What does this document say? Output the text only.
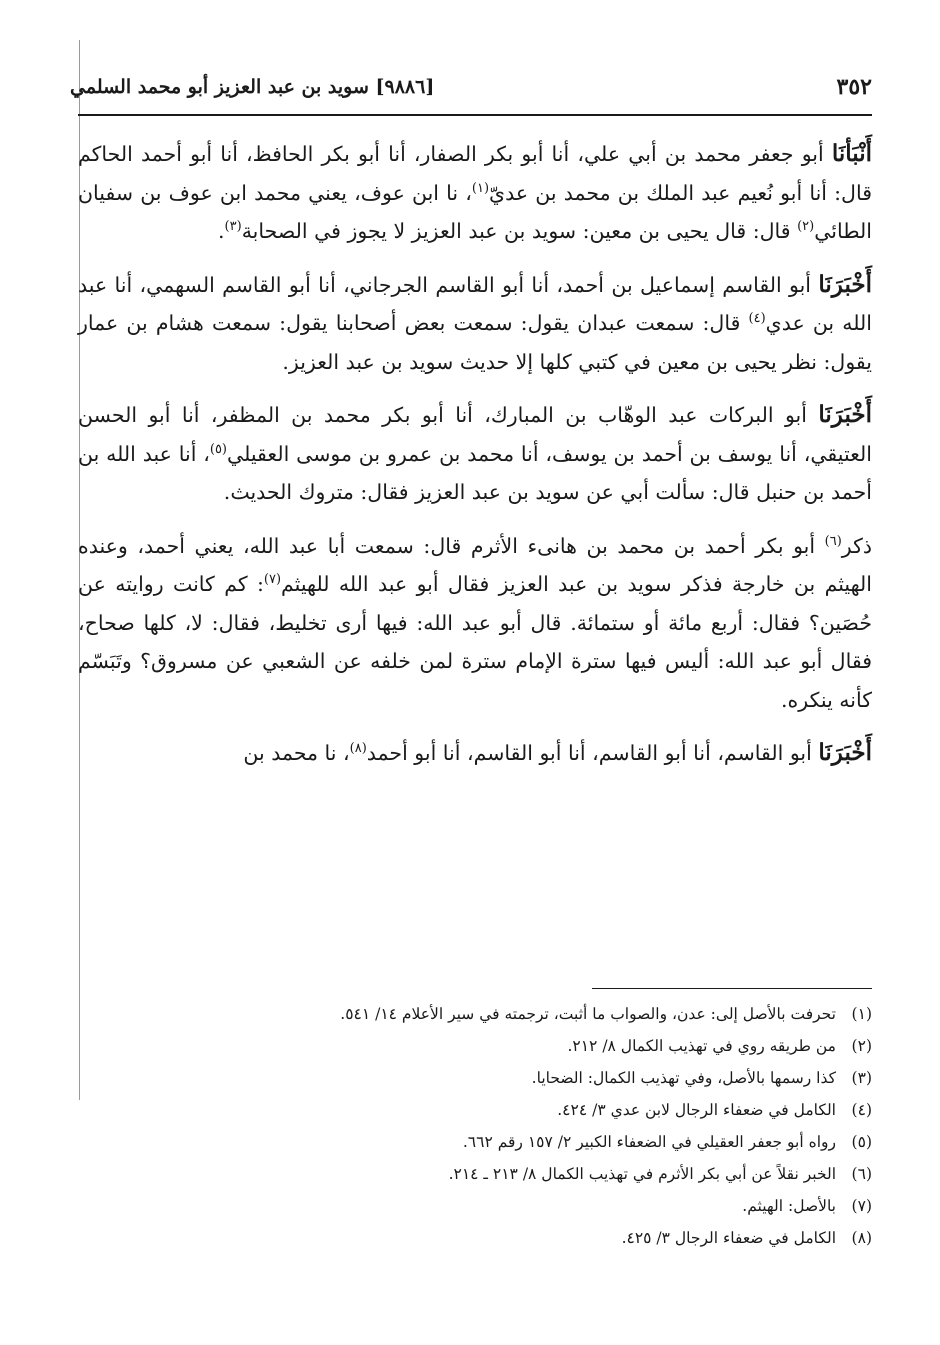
٣٥٢
[٩٨٨٦] سويد بن عبد العزيز أبو محمد السلمي

أَنْبَأنَا أبو جعفر محمد بن أبي علي، أنا أبو بكر الصفار، أنا أبو بكر الحافظ، أنا أبو أحمد الحاكم قال: أنا أبو نُعيم عبد الملك بن محمد بن عديّ$^{(١)}$، نا ابن عوف، يعني محمد ابن عوف بن سفيان الطائي$^{(٢)}$ قال: قال يحيى بن معين: سويد بن عبد العزيز لا يجوز في الصحابة$^{(٣)}$.

أَخْبَرَنَا أبو القاسم إسماعيل بن أحمد، أنا أبو القاسم الجرجاني، أنا أبو القاسم السهمي، أنا عبد الله بن عدي$^{(٤)}$ قال: سمعت عبدان يقول: سمعت بعض أصحابنا يقول: سمعت هشام بن عمار يقول: نظر يحيى بن معين في كتبي كلها إلا حديث سويد بن عبد العزيز.

أَخْبَرَنَا أبو البركات عبد الوهّاب بن المبارك، أنا أبو بكر محمد بن المظفر، أنا أبو الحسن العتيقي، أنا يوسف بن أحمد بن يوسف، أنا محمد بن عمرو بن موسى العقيلي$^{(٥)}$، أنا عبد الله بن أحمد بن حنبل قال: سألت أبي عن سويد بن عبد العزيز فقال: متروك الحديث.

ذكر$^{(٦)}$ أبو بكر أحمد بن محمد بن هانىء الأثرم قال: سمعت أبا عبد الله، يعني أحمد، وعنده الهيثم بن خارجة فذكر سويد بن عبد العزيز فقال أبو عبد الله للهيثم$^{(٧)}$: كم كانت روايته عن حُصَين؟ فقال: أربع مائة أو ستمائة. قال أبو عبد الله: فيها أرى تخليط، فقال: لا، كلها صحاح، فقال أبو عبد الله: أليس فيها سترة الإمام سترة لمن خلفه عن الشعبي عن مسروق؟ وتَبَسّم كأنه ينكره.

أَخْبَرَنَا أبو القاسم، أنا أبو القاسم، أنا أبو القاسم، أنا أبو أحمد$^{(٨)}$، نا محمد بن

(١)
تحرفت بالأصل إلى: عدن، والصواب ما أثبت، ترجمته في سير الأعلام ١٤/ ٥٤١.
(٢)
من طريقه روي في تهذيب الكمال ٨/ ٢١٢.
(٣)
كذا رسمها بالأصل، وفي تهذيب الكمال: الضحايا.
(٤)
الكامل في ضعفاء الرجال لابن عدي ٣/ ٤٢٤.
(٥)
رواه أبو جعفر العقيلي في الضعفاء الكبير ٢/ ١٥٧ رقم ٦٦٢.
(٦)
الخبر نقلاً عن أبي بكر الأثرم في تهذيب الكمال ٨/ ٢١٣ ـ ٢١٤.
(٧)
بالأصل: الهيثم.
(٨)
الكامل في ضعفاء الرجال ٣/ ٤٢٥.
